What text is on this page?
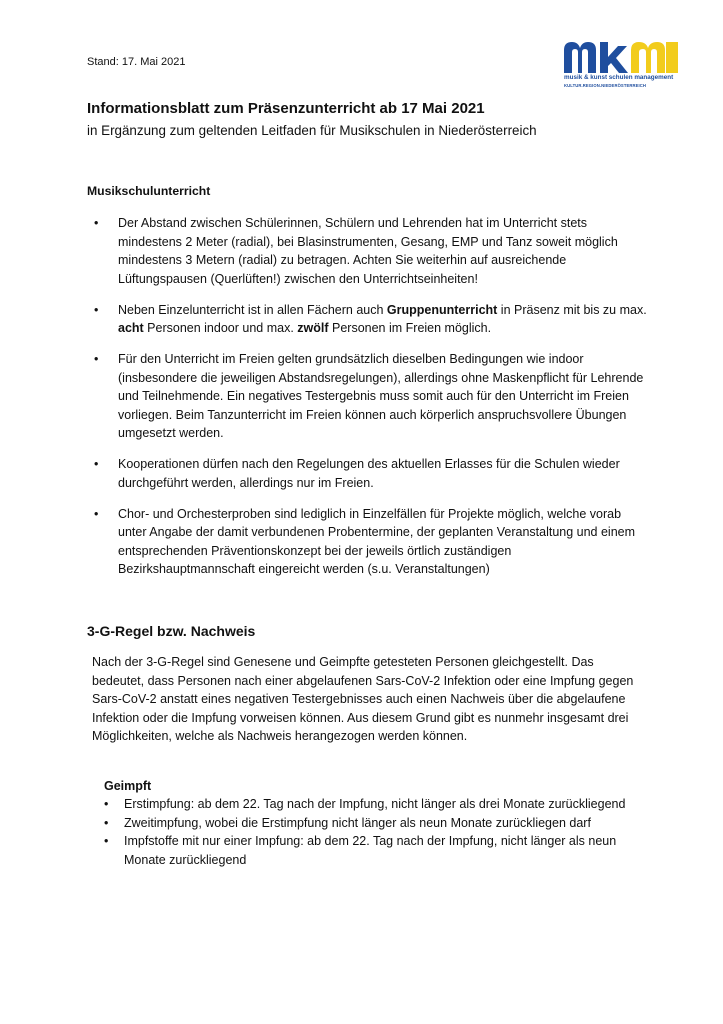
Stand: 17. Mai 2021
musik & kunst schulen management
KULTUR.REGION.NIEDERÖSTERREICH
Informationsblatt zum Präsenzunterricht ab 17 Mai 2021
in Ergänzung zum geltenden Leitfaden für Musikschulen in Niederösterreich
Musikschulunterricht
• Der Abstand zwischen Schülerinnen, Schülern und Lehrenden hat im Unterricht stets mindestens 2 Meter (radial), bei Blasinstrumenten, Gesang, EMP und Tanz soweit möglich mindestens 3 Metern (radial) zu betragen. Achten Sie weiterhin auf ausreichende Lüftungspausen (Querlüften!) zwischen den Unterrichtseinheiten!
• Neben Einzelunterricht ist in allen Fächern auch Gruppenunterricht in Präsenz mit bis zu max. acht Personen indoor und max. zwölf Personen im Freien möglich.
• Für den Unterricht im Freien gelten grundsätzlich dieselben Bedingungen wie indoor (insbesondere die jeweiligen Abstandsregelungen), allerdings ohne Maskenpflicht für Lehrende und Teilnehmende. Ein negatives Testergebnis muss somit auch für den Unterricht im Freien vorliegen. Beim Tanzunterricht im Freien können auch körperlich anspruchsvollere Übungen umgesetzt werden.
• Kooperationen dürfen nach den Regelungen des aktuellen Erlasses für die Schulen wieder durchgeführt werden, allerdings nur im Freien.
• Chor- und Orchesterproben sind lediglich in Einzelfällen für Projekte möglich, welche vorab unter Angabe der damit verbundenen Probentermine, der geplanten Veranstaltung und einem entsprechenden Präventionskonzept bei der jeweils örtlich zuständigen Bezirkshauptmannschaft eingereicht werden (s.u. Veranstaltungen)
3-G-Regel bzw. Nachweis

Nach der 3-G-Regel sind Genesene und Geimpfte getesteten Personen gleichgestellt. Das bedeutet, dass Personen nach einer abgelaufenen Sars-CoV-2 Infektion oder eine Impfung gegen Sars-CoV-2 anstatt eines negativen Testergebnisses auch einen Nachweis über die abgelaufene Infektion oder die Impfung vorweisen können. Aus diesem Grund gibt es nunmehr insgesamt drei Möglichkeiten, welche als Nachweis herangezogen werden können.

Geimpft
• Erstimpfung: ab dem 22. Tag nach der Impfung, nicht länger als drei Monate zurückliegend
• Zweitimpfung, wobei die Erstimpfung nicht länger als neun Monate zurückliegen darf
• Impfstoffe mit nur einer Impfung: ab dem 22. Tag nach der Impfung, nicht länger als neun Monate zurückliegend
